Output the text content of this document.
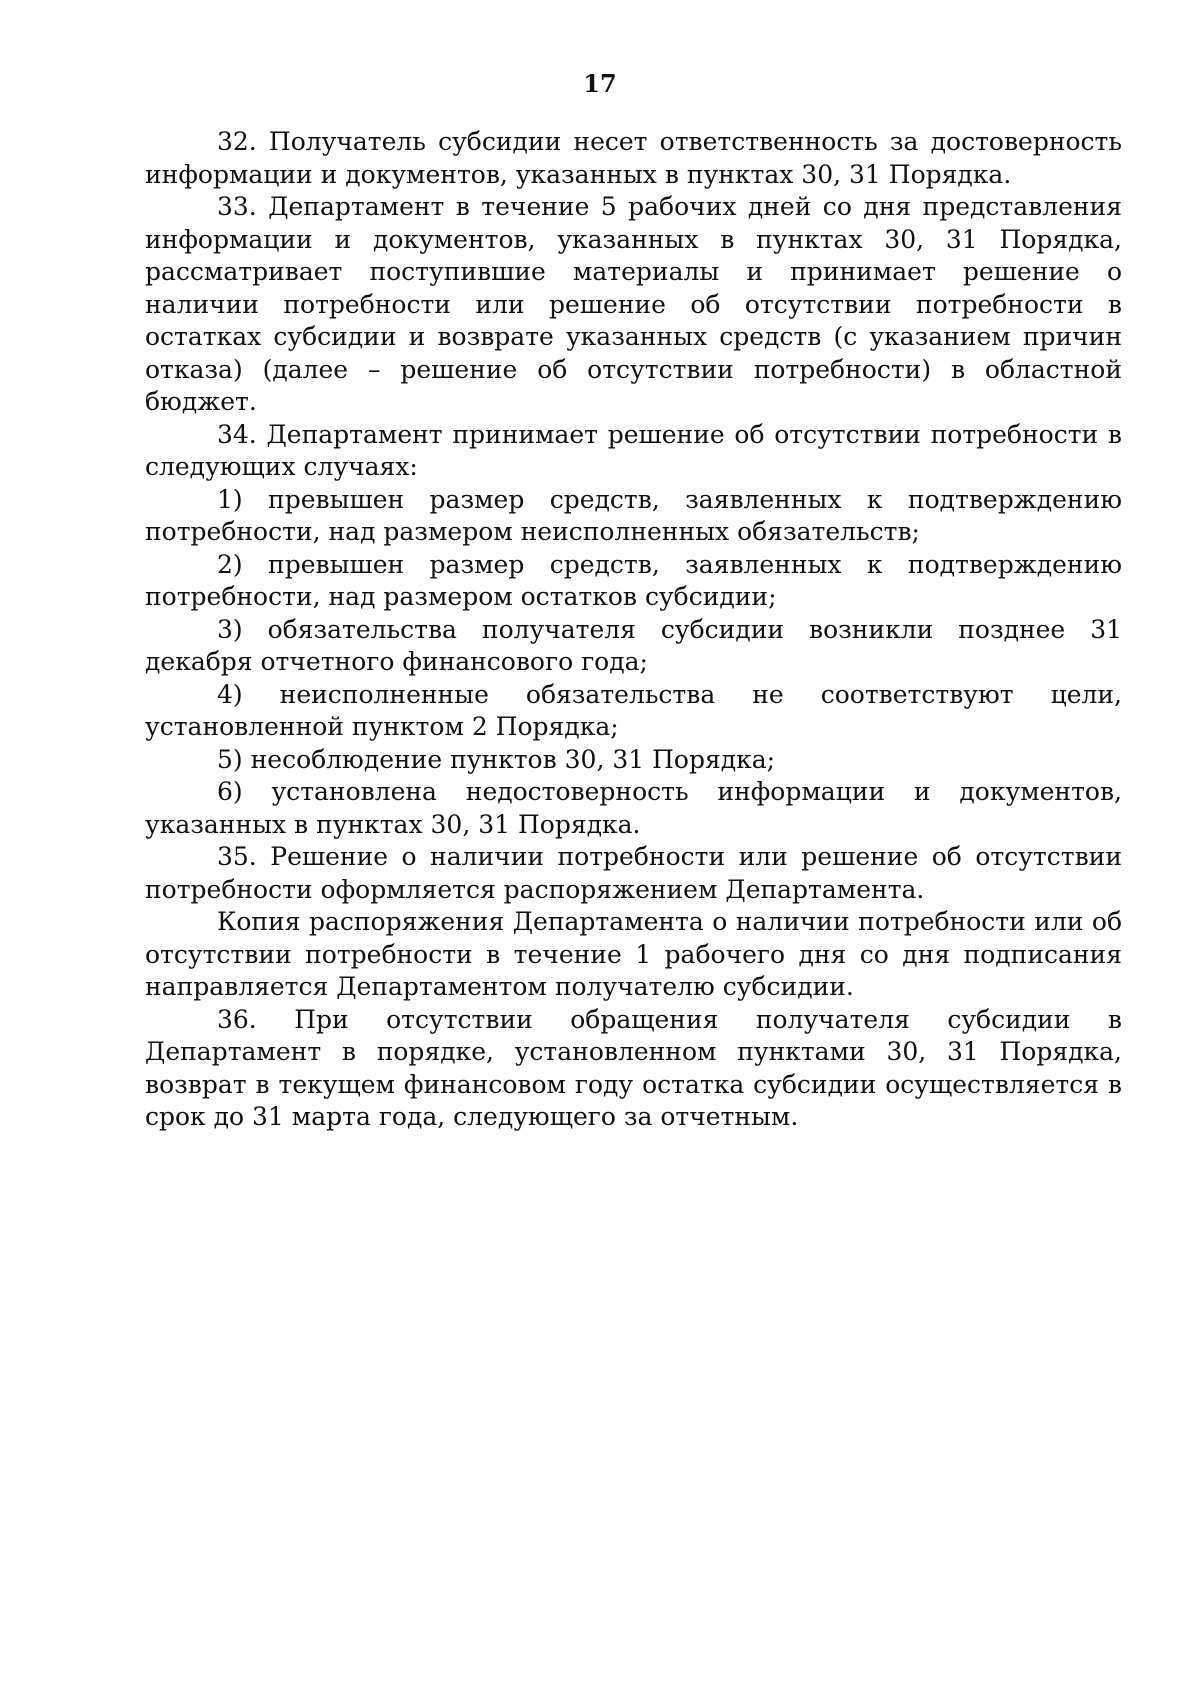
17

32. Получатель субсидии несет ответственность за достоверность информации и документов, указанных в пунктах 30, 31 Порядка.

33. Департамент в течение 5 рабочих дней со дня представления информации и документов, указанных в пунктах 30, 31 Порядка, рассматривает поступившие материалы и принимает решение о наличии потребности или решение об отсутствии потребности в остатках субсидии и возврате указанных средств (с указанием причин отказа) (далее – решение об отсутствии потребности) в областной бюджет.

34. Департамент принимает решение об отсутствии потребности в следующих случаях:

1) превышен размер средств, заявленных к подтверждению потребности, над размером неисполненных обязательств;

2) превышен размер средств, заявленных к подтверждению потребности, над размером остатков субсидии;

3) обязательства получателя субсидии возникли позднее 31 декабря отчетного финансового года;

4) неисполненные обязательства не соответствуют цели, установленной пунктом 2 Порядка;

5) несоблюдение пунктов 30, 31 Порядка;

6) установлена недостоверность информации и документов, указанных в пунктах 30, 31 Порядка.

35. Решение о наличии потребности или решение об отсутствии потребности оформляется распоряжением Департамента.

Копия распоряжения Департамента о наличии потребности или об отсутствии потребности в течение 1 рабочего дня со дня подписания направляется Департаментом получателю субсидии.

36. При отсутствии обращения получателя субсидии в Департамент в порядке, установленном пунктами 30, 31 Порядка, возврат в текущем финансовом году остатка субсидии осуществляется в срок до 31 марта года, следующего за отчетным.
